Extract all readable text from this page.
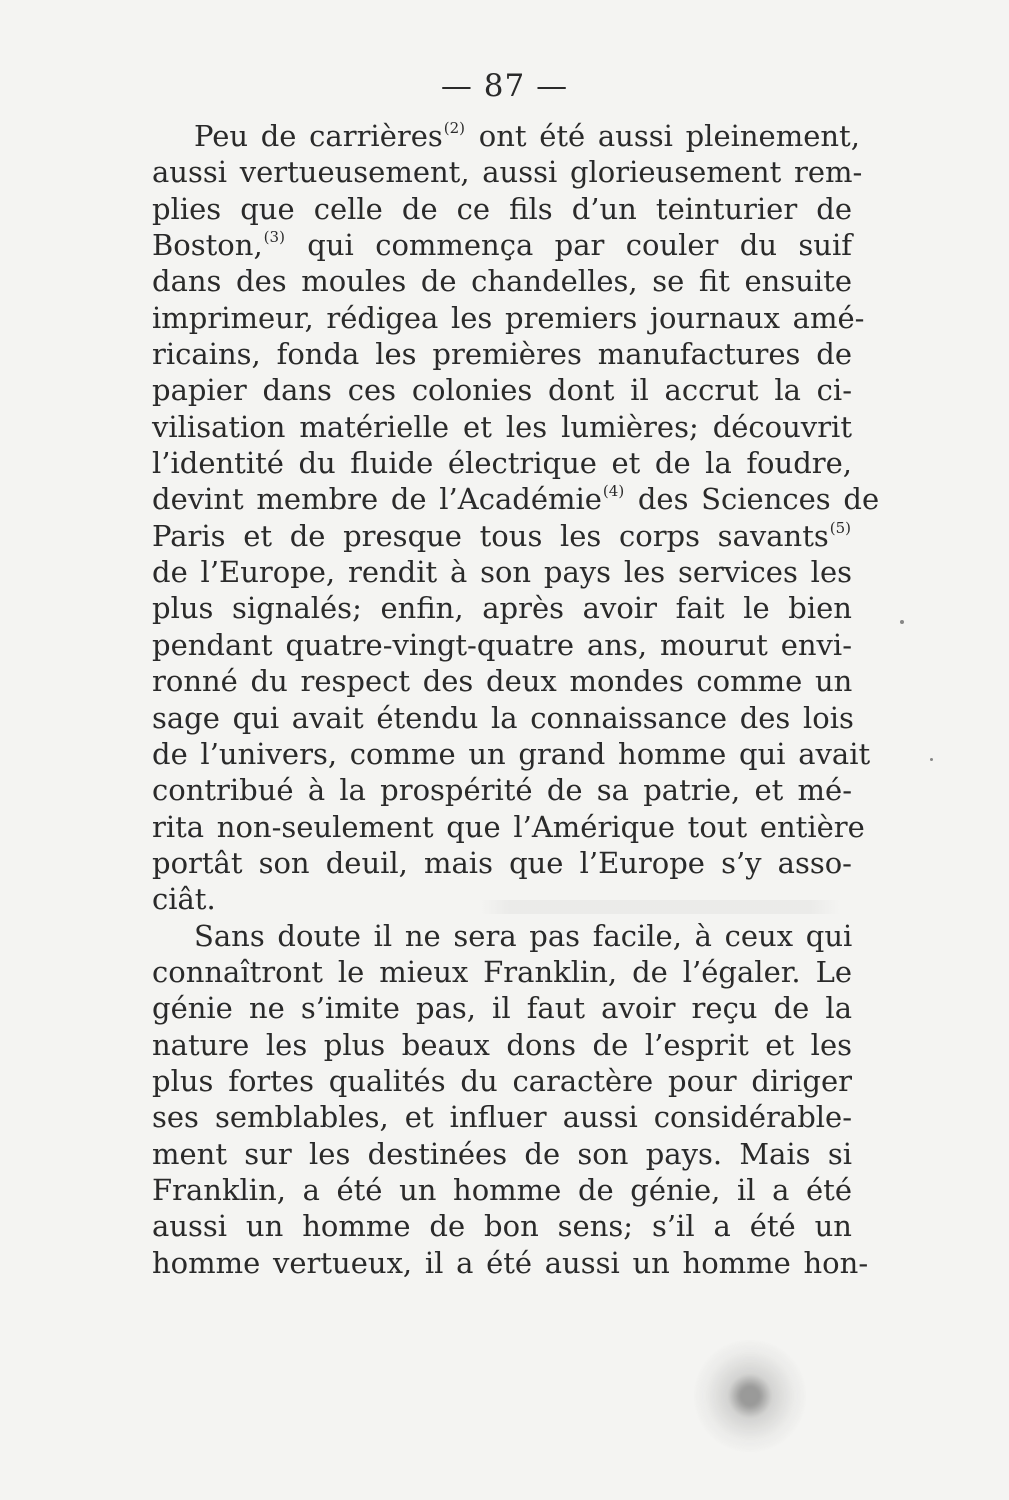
— 87 —
Peu de carrières(2) ont été aussi pleinement,
aussi vertueusement, aussi glorieusement rem-
plies que celle de ce fils d’un teinturier de
Boston,(3) qui commença par couler du suif
dans des moules de chandelles, se fit ensuite
imprimeur, rédigea les premiers journaux amé-
ricains, fonda les premières manufactures de
papier dans ces colonies dont il accrut la ci-
vilisation matérielle et les lumières; découvrit
l’identité du fluide électrique et de la foudre,
devint membre de l’Académie(4) des Sciences de
Paris et de presque tous les corps savants(5)
de l’Europe, rendit à son pays les services les
plus signalés; enfin, après avoir fait le bien
pendant quatre-vingt-quatre ans, mourut envi-
ronné du respect des deux mondes comme un
sage qui avait étendu la connaissance des lois
de l’univers, comme un grand homme qui avait
contribué à la prospérité de sa patrie, et mé-
rita non-seulement que l’Amérique tout entière
portât son deuil, mais que l’Europe s’y asso-
ciât.
Sans doute il ne sera pas facile, à ceux qui
connaîtront le mieux Franklin, de l’égaler. Le
génie ne s’imite pas, il faut avoir reçu de la
nature les plus beaux dons de l’esprit et les
plus fortes qualités du caractère pour diriger
ses semblables, et influer aussi considérable-
ment sur les destinées de son pays. Mais si
Franklin, a été un homme de génie, il a été
aussi un homme de bon sens; s’il a été un
homme vertueux, il a été aussi un homme hon-
